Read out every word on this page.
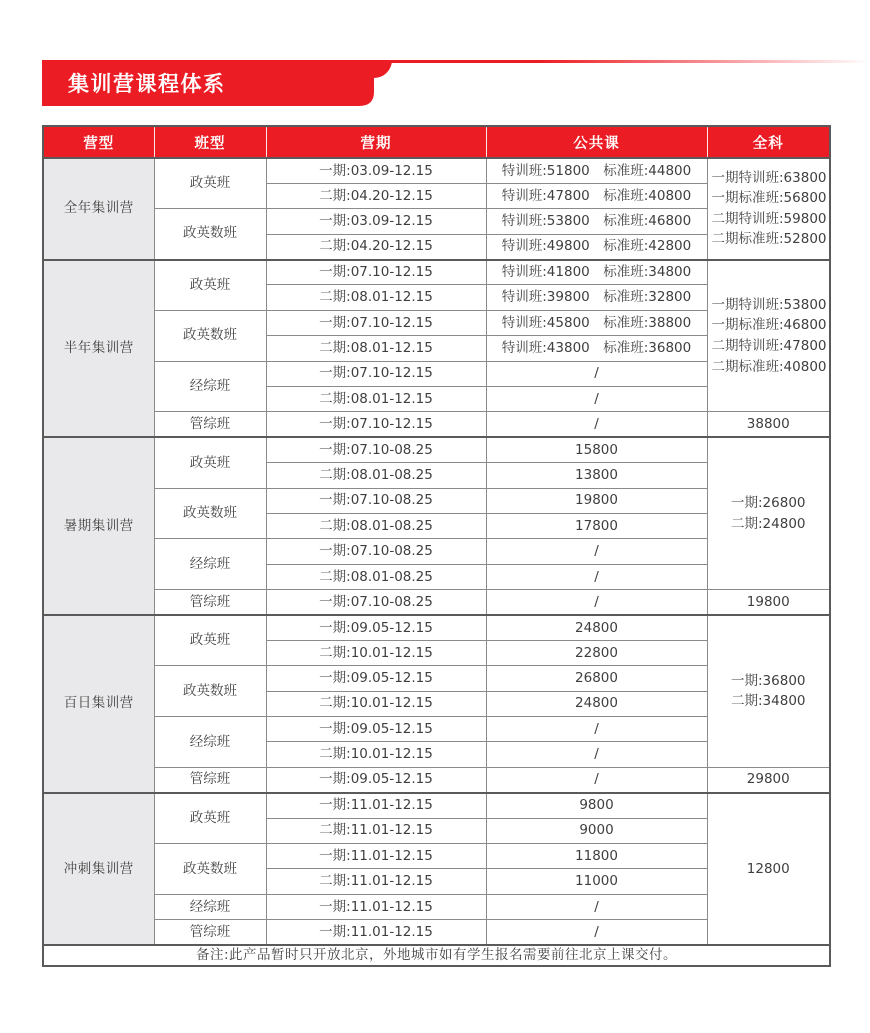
集训营课程体系
营型	班型	营期	公共课	全科
全年集训营	政英班	一期:03.09-12.15	特训班:51800　标准班:44800	一期特训班:63800
一期标准班:56800
二期特训班:59800
二期标准班:52800

		二期:04.20-12.15	特训班:47800　标准班:40800	
	政英数班	一期:03.09-12.15	特训班:53800　标准班:46800	
		二期:04.20-12.15	特训班:49800　标准班:42800	
半年集训营	政英班	一期:07.10-12.15	特训班:41800　标准班:34800	一期特训班:53800
一期标准班:46800
二期特训班:47800
二期标准班:40800

		二期:08.01-12.15	特训班:39800　标准班:32800	
	政英数班	一期:07.10-12.15	特训班:45800　标准班:38800	
		二期:08.01-12.15	特训班:43800　标准班:36800	
	经综班	一期:07.10-12.15	/	
		二期:08.01-12.15	/	
	管综班	一期:07.10-12.15	/	38800
暑期集训营	政英班	一期:07.10-08.25	15800	一期:26800
二期:24800

		二期:08.01-08.25	13800	
	政英数班	一期:07.10-08.25	19800	
		二期:08.01-08.25	17800	
	经综班	一期:07.10-08.25	/	
		二期:08.01-08.25	/	
	管综班	一期:07.10-08.25	/	19800
百日集训营	政英班	一期:09.05-12.15	24800	一期:36800
二期:34800

		二期:10.01-12.15	22800	
	政英数班	一期:09.05-12.15	26800	
		二期:10.01-12.15	24800	
	经综班	一期:09.05-12.15	/	
		二期:10.01-12.15	/	
	管综班	一期:09.05-12.15	/	29800
冲刺集训营	政英班	一期:11.01-12.15	9800	12800

		二期:11.01-12.15	9000	
	政英数班	一期:11.01-12.15	11800	
		二期:11.01-12.15	11000	
	经综班	一期:11.01-12.15	/	
	管综班	一期:11.01-12.15	/	
备注:此产品暂时只开放北京，外地城市如有学生报名需要前往北京上课交付。				
